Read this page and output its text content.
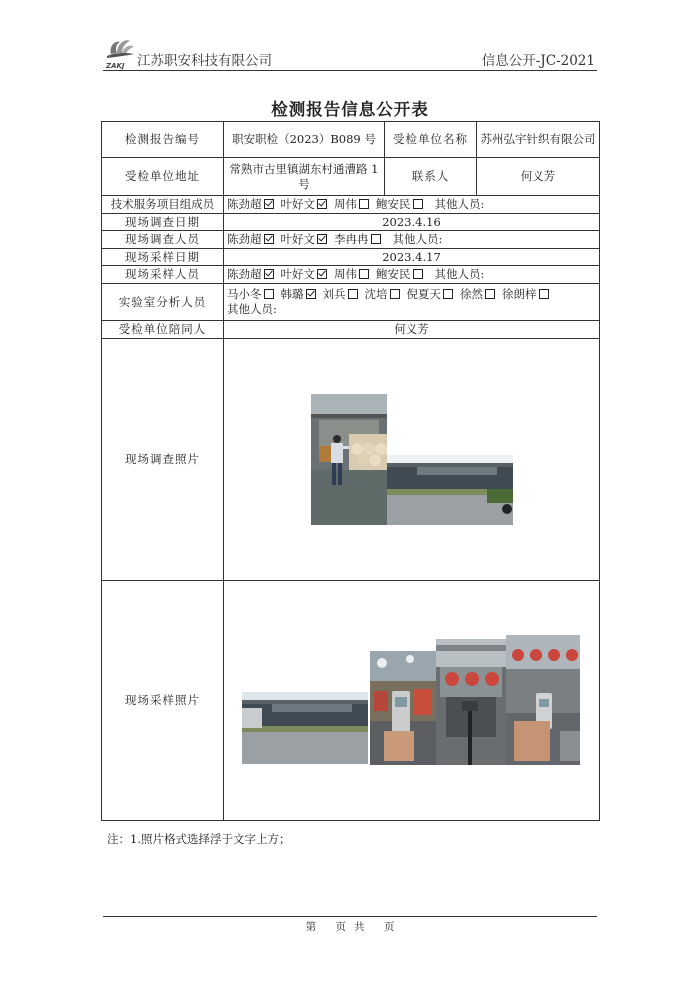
ZAKJ 江苏职安科技有限公司	信息公开-JC-2021
检测报告信息公开表
检测报告编号	职安职检（2023）B089 号	受检单位名称	苏州弘宇针织有限公司
受检单位地址	常熟市古里镇湖东村通漕路 1 号	联系人	何义芳
技术服务项目组成员	陈劲超 叶好文 周伟 鲍安民 其他人员:		
现场调查日期	2023.4.16		
现场调查人员	陈劲超 叶好文 李冉冉 其他人员:		
现场采样日期	2023.4.17		
现场采样人员	陈劲超 叶好文 周伟 鲍安民 其他人员:		
实验室分析人员	马小冬 韩璐 刘兵 沈培 倪夏天 徐然 徐朗梓
其他人员:		
受检单位陪同人	何义芳		
现场调查照片	

现场采样照片	
注：1.照片格式选择浮于文字上方；
第 页 共 页
